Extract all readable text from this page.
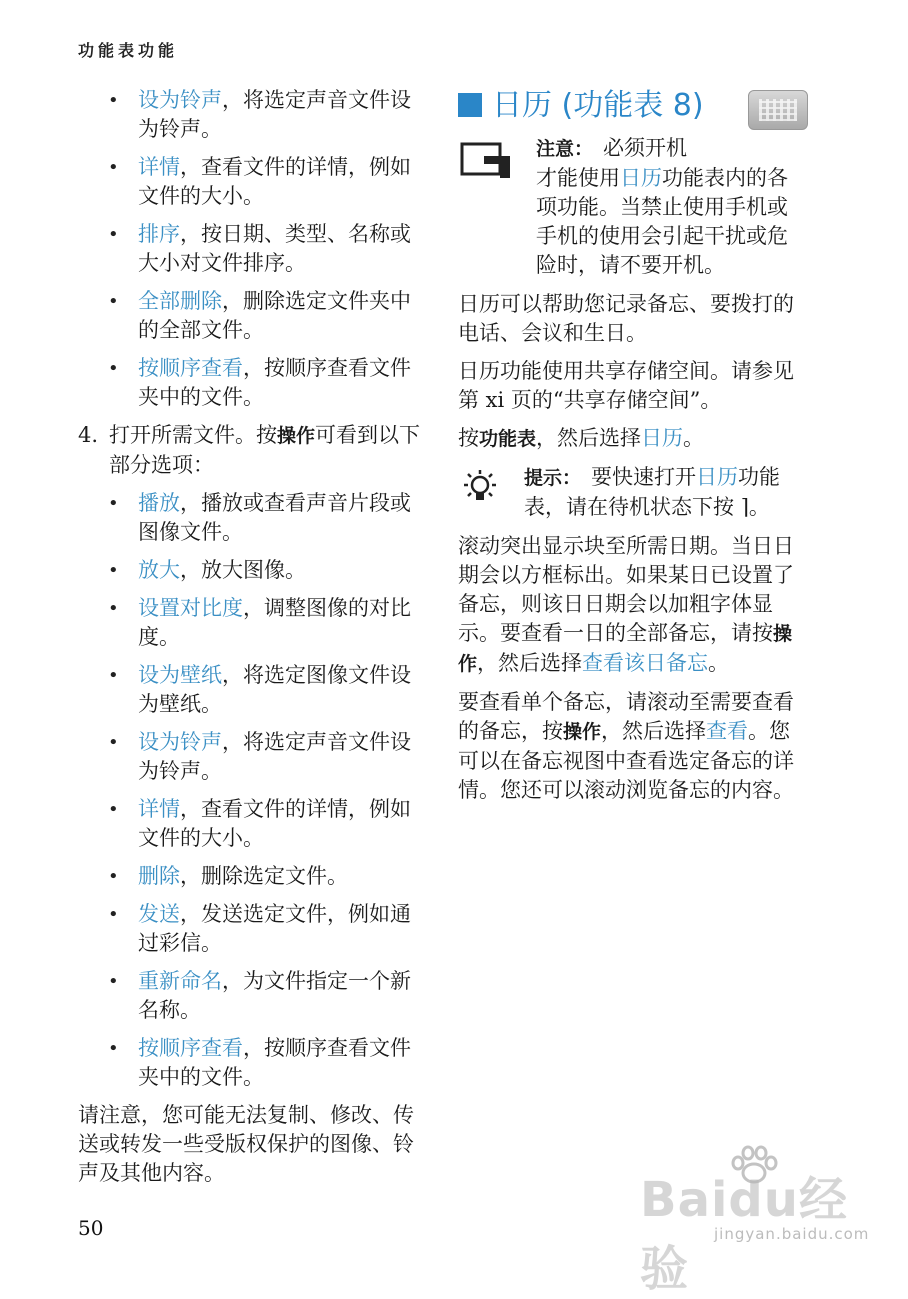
功能表功能
• 设为铃声，将选定声音文件设为铃声。
• 详情，查看文件的详情，例如文件的大小。
• 排序，按日期、类型、名称或大小对文件排序。
• 全部删除，删除选定文件夹中的全部文件。
• 按顺序查看，按顺序查看文件夹中的文件。

4. 打开所需文件。按操作可看到以下部分选项：

• 播放，播放或查看声音片段或图像文件。
• 放大，放大图像。
• 设置对比度，调整图像的对比度。
• 设为壁纸，将选定图像文件设为壁纸。
• 设为铃声，将选定声音文件设为铃声。
• 详情，查看文件的详情，例如文件的大小。
• 删除，删除选定文件。
• 发送，发送选定文件，例如通过彩信。
• 重新命名，为文件指定一个新名称。
• 按顺序查看，按顺序查看文件夹中的文件。

请注意，您可能无法复制、修改、传送或转发一些受版权保护的图像、铃声及其他内容。

日历 (功能表 8)

注意： 必须开机
才能使用日历功能表内的各项功能。当禁止使用手机或手机的使用会引起干扰或危险时，请不要开机。

日历可以帮助您记录备忘、要拨打的电话、会议和生日。

日历功能使用共享存储空间。请参见第 xi 页的“共享存储空间”。

按功能表，然后选择日历。

提示： 要快速打开日历功能表，请在待机状态下按 ⌉。

滚动突出显示块至所需日期。当日日期会以方框标出。如果某日已设置了备忘，则该日日期会以加粗字体显示。要查看一日的全部备忘，请按操作，然后选择查看该日备忘。

要查看单个备忘，请滚动至需要查看的备忘，按操作，然后选择查看。您可以在备忘视图中查看选定备忘的详情。您还可以滚动浏览备忘的内容。

50	Baidu经验
jingyan.baidu.com
